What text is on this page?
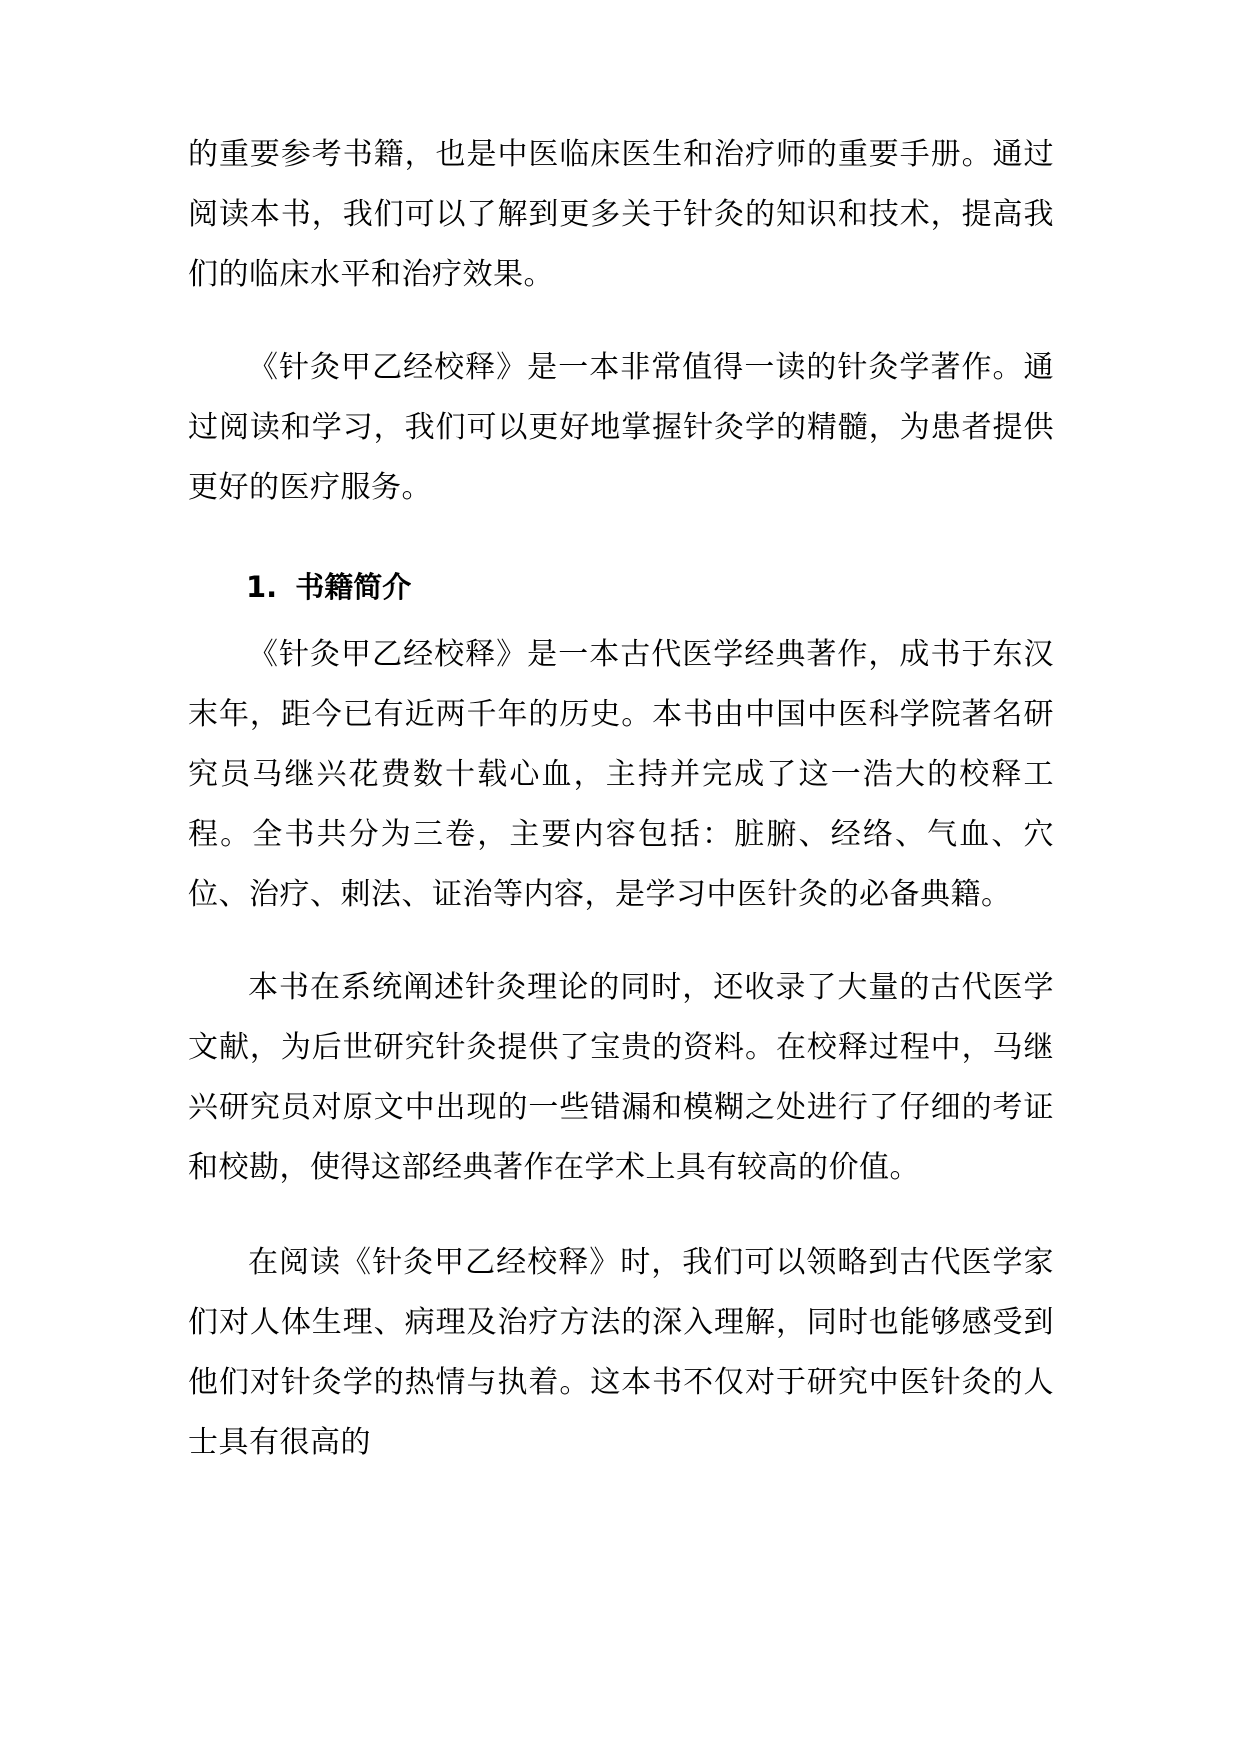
的重要参考书籍，也是中医临床医生和治疗师的重要手册。通过阅读本书，我们可以了解到更多关于针灸的知识和技术，提高我们的临床水平和治疗效果。

《针灸甲乙经校释》是一本非常值得一读的针灸学著作。通过阅读和学习，我们可以更好地掌握针灸学的精髓，为患者提供更好的医疗服务。

1. 书籍简介

《针灸甲乙经校释》是一本古代医学经典著作，成书于东汉末年，距今已有近两千年的历史。本书由中国中医科学院著名研究员马继兴花费数十载心血，主持并完成了这一浩大的校释工程。全书共分为三卷，主要内容包括：脏腑、经络、气血、穴位、治疗、刺法、证治等内容，是学习中医针灸的必备典籍。

本书在系统阐述针灸理论的同时，还收录了大量的古代医学文献，为后世研究针灸提供了宝贵的资料。在校释过程中，马继兴研究员对原文中出现的一些错漏和模糊之处进行了仔细的考证和校勘，使得这部经典著作在学术上具有较高的价值。

在阅读《针灸甲乙经校释》时，我们可以领略到古代医学家们对人体生理、病理及治疗方法的深入理解，同时也能够感受到他们对针灸学的热情与执着。这本书不仅对于研究中医针灸的人士具有很高的
